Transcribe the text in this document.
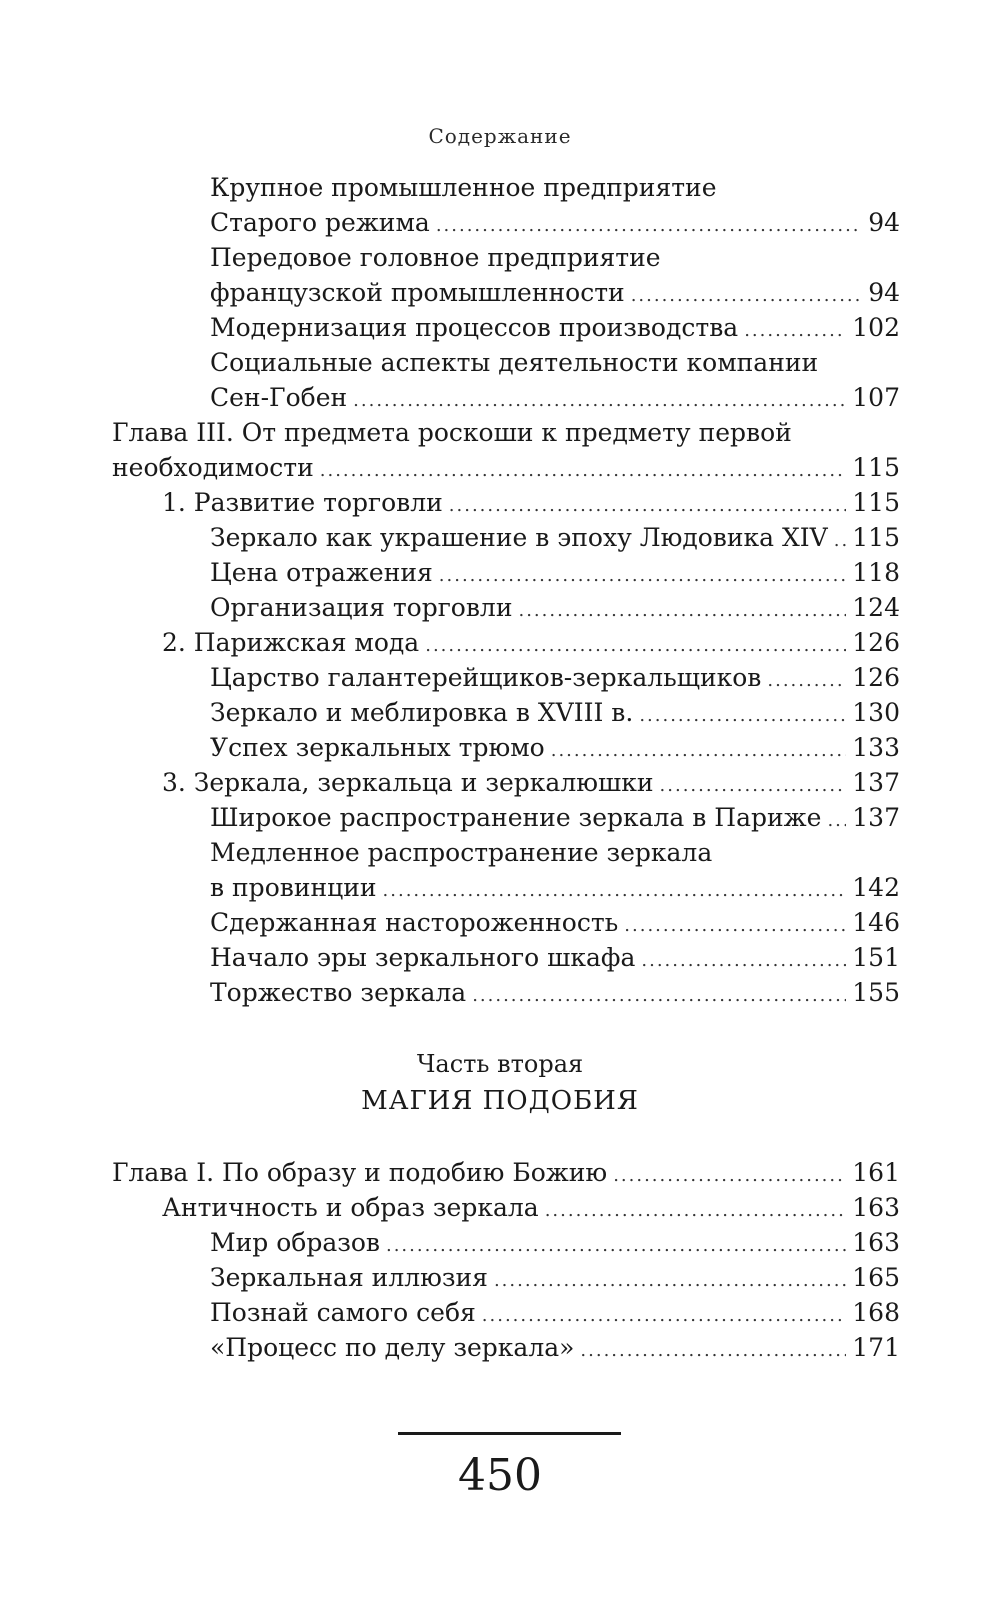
Содержание
Крупное промышленное предприятие
Старого режима .....	94
Передовое головное предприятие
французской промышленности .....	94
Модернизация процессов производства .....	102
Социальные аспекты деятельности компании
Сен-Гобен .....	107
Глава III. От предмета роскоши к предмету первой
необходимости .....	115
1. Развитие торговли .....	115
Зеркало как украшение в эпоху Людовика XIV ..... 115
Цена отражения .....	118
Организация торговли .....	124
2. Парижская мода .....	126
Царство галантерейщиков-зеркальщиков .....	126
Зеркало и меблировка в XVIII в. .....	130
Успех зеркальных трюмо .....	133
3. Зеркала, зеркальца и зеркалюшки .....	137
Широкое распространение зеркала в Париже ..... 137
Медленное распространение зеркала
в провинции .....	142
Сдержанная настороженность .....	146
Начало эры зеркального шкафа .....	151
Торжество зеркала .....	155
Часть вторая
МАГИЯ ПОДОБИЯ
Глава I. По образу и подобию Божию .....	161
Античность и образ зеркала .....	163
Мир образов .....	163
Зеркальная иллюзия .....	165
Познай самого себя .....	168
«Процесс по делу зеркала» .....	171
450
